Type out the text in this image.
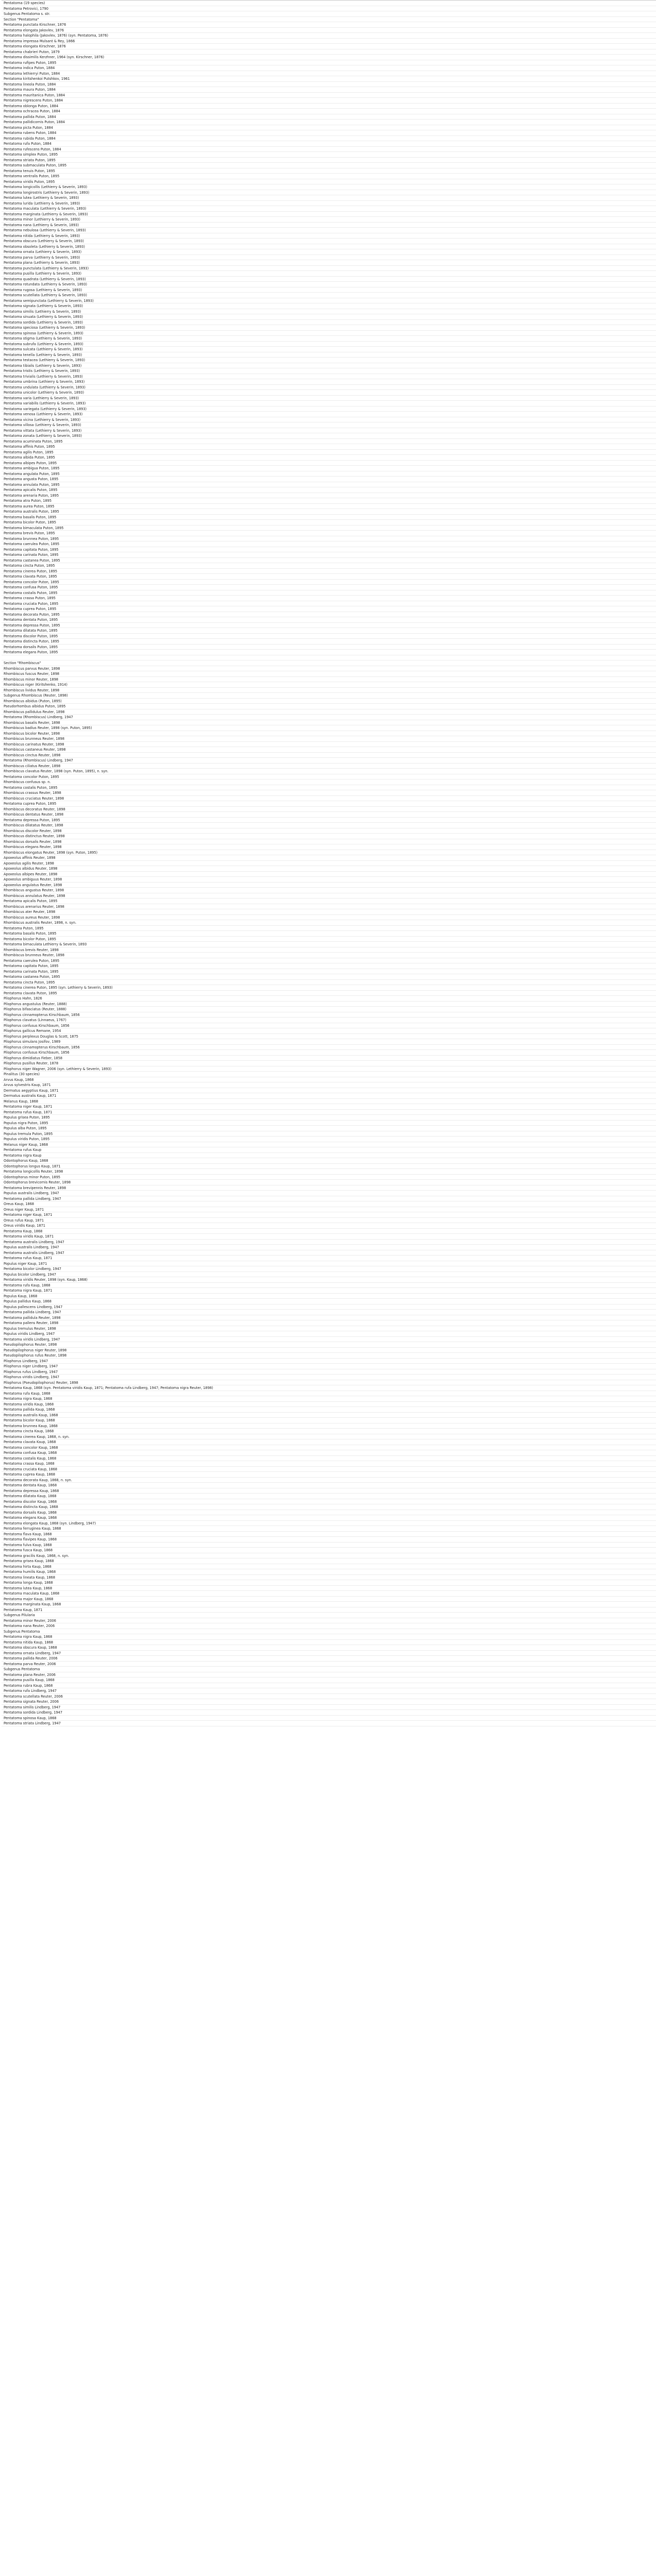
Pentatoma (19 species)
Pentatoma Petrovici, 1790
Subgenus Pentatoma s. str.
Section "Pentatoma"
Pentatoma punctata Kirschner, 1876
Pentatoma elongata Jakovlev, 1876
Pentatoma halophila (Jakovlev, 1876) (syn. Pentatoma, 1876)
Pentatoma impressa Mulsant & Rey, 1866
Pentatoma elongata Kirschner, 1876
Pentatoma chabrieri Puton, 1879
Pentatoma dissimilis Kerzhner, 1964 (syn. Kirschner, 1876)
Pentatoma rufipes Puton, 1895
Pentatoma indica Puton, 1884
Pentatoma lethierryi Puton, 1884
Pentatoma kiritshenkoi Putshkov, 1961
Pentatoma lineola Puton, 1884
Pentatoma maura Puton, 1884
Pentatoma mauritanica Puton, 1884
Pentatoma nigrescens Puton, 1884
Pentatoma oblonga Puton, 1884
Pentatoma ochracea Puton, 1884
Pentatoma pallida Puton, 1884
Pentatoma pallidicornis Puton, 1884
Pentatoma picta Puton, 1884
Pentatoma rubens Puton, 1884
Pentatoma rubida Puton, 1884
Pentatoma rufa Puton, 1884
Pentatoma rufescens Puton, 1884
Pentatoma simplex Puton, 1895
Pentatoma striata Puton, 1895
Pentatoma submaculata Puton, 1895
Pentatoma tenuis Puton, 1895
Pentatoma ventralis Puton, 1895
Pentatoma viridis Puton, 1895
Pentatoma longicollis (Lethierry & Severin, 1893)
Pentatoma longirostris (Lethierry & Severin, 1893)
Pentatoma lutea (Lethierry & Severin, 1893)
Pentatoma lurida (Lethierry & Severin, 1893)
Pentatoma maculata (Lethierry & Severin, 1893)
Pentatoma marginata (Lethierry & Severin, 1893)
Pentatoma minor (Lethierry & Severin, 1893)
Pentatoma nana (Lethierry & Severin, 1893)
Pentatoma nebulosa (Lethierry & Severin, 1893)
Pentatoma nitida (Lethierry & Severin, 1893)
Pentatoma obscura (Lethierry & Severin, 1893)
Pentatoma obsoleta (Lethierry & Severin, 1893)
Pentatoma ornata (Lethierry & Severin, 1893)
Pentatoma parva (Lethierry & Severin, 1893)
Pentatoma plana (Lethierry & Severin, 1893)
Pentatoma punctulata (Lethierry & Severin, 1893)
Pentatoma pusilla (Lethierry & Severin, 1893)
Pentatoma quadrata (Lethierry & Severin, 1893)
Pentatoma rotundata (Lethierry & Severin, 1893)
Pentatoma rugosa (Lethierry & Severin, 1893)
Pentatoma scutellata (Lethierry & Severin, 1893)
Pentatoma semipunctata (Lethierry & Severin, 1893)
Pentatoma signata (Lethierry & Severin, 1893)
Pentatoma similis (Lethierry & Severin, 1893)
Pentatoma sinuata (Lethierry & Severin, 1893)
Pentatoma sordida (Lethierry & Severin, 1893)
Pentatoma speciosa (Lethierry & Severin, 1893)
Pentatoma spinosa (Lethierry & Severin, 1893)
Pentatoma stigma (Lethierry & Severin, 1893)
Pentatoma subrufa (Lethierry & Severin, 1893)
Pentatoma sulcata (Lethierry & Severin, 1893)
Pentatoma tenella (Lethierry & Severin, 1893)
Pentatoma testacea (Lethierry & Severin, 1893)
Pentatoma tibialis (Lethierry & Severin, 1893)
Pentatoma tristis (Lethierry & Severin, 1893)
Pentatoma trivialis (Lethierry & Severin, 1893)
Pentatoma umbrina (Lethierry & Severin, 1893)
Pentatoma undulata (Lethierry & Severin, 1893)
Pentatoma unicolor (Lethierry & Severin, 1893)
Pentatoma varia (Lethierry & Severin, 1893)
Pentatoma variabilis (Lethierry & Severin, 1893)
Pentatoma variegata (Lethierry & Severin, 1893)
Pentatoma venosa (Lethierry & Severin, 1893)
Pentatoma vicina (Lethierry & Severin, 1893)
Pentatoma villosa (Lethierry & Severin, 1893)
Pentatoma vittata (Lethierry & Severin, 1893)
Pentatoma zonata (Lethierry & Severin, 1893)
Pentatoma acuminata Puton, 1895
Pentatoma affinis Puton, 1895
Pentatoma agilis Puton, 1895
Pentatoma albida Puton, 1895
Pentatoma albipes Puton, 1895
Pentatoma ambigua Puton, 1895
Pentatoma angulata Puton, 1895
Pentatoma angusta Puton, 1895
Pentatoma annulata Puton, 1895
Pentatoma apicalis Puton, 1895
Pentatoma arenaria Puton, 1895
Pentatoma atra Puton, 1895
Pentatoma aurea Puton, 1895
Pentatoma australis Puton, 1895
Pentatoma basalis Puton, 1895
Pentatoma bicolor Puton, 1895
Pentatoma bimaculata Puton, 1895
Pentatoma brevis Puton, 1895
Pentatoma brunnea Puton, 1895
Pentatoma caerulea Puton, 1895
Pentatoma capitata Puton, 1895
Pentatoma carinata Puton, 1895
Pentatoma castanea Puton, 1895
Pentatoma cincta Puton, 1895
Pentatoma cinerea Puton, 1895
Pentatoma clavata Puton, 1895
Pentatoma concolor Puton, 1895
Pentatoma confusa Puton, 1895
Pentatoma costalis Puton, 1895
Pentatoma crassa Puton, 1895
Pentatoma cruciata Puton, 1895
Pentatoma cuprea Puton, 1895
Pentatoma decorata Puton, 1895
Pentatoma dentata Puton, 1895
Pentatoma depressa Puton, 1895
Pentatoma dilatata Puton, 1895
Pentatoma discolor Puton, 1895
Pentatoma distincta Puton, 1895
Pentatoma dorsalis Puton, 1895
Pentatoma elegans Puton, 1895
Section "Rhombiscus"
Rhombiscus parvus Reuter, 1898
Rhombiscus fuscus Reuter, 1898
Rhombiscus minor Reuter, 1898
Rhombiscus niger (Kiritshenko, 1914)
Rhombiscus lividus Reuter, 1898
Subgenus Rhombiscus (Reuter, 1898)
Rhombiscus albidus (Puton, 1895)
Pseudorhombus albidus Puton, 1895
Rhombiscus pallidulus Reuter, 1898
Pentatoma (Rhombiscus) Lindberg, 1947
Rhombiscus basalis Reuter, 1898
Rhombiscus badius Reuter, 1898 (syn. Puton, 1895)
Rhombiscus bicolor Reuter, 1898
Rhombiscus brunneus Reuter, 1898
Rhombiscus carinatus Reuter, 1898
Rhombiscus castaneus Reuter, 1898
Rhombiscus cinctus Reuter, 1898
Pentatoma (Rhombiscus) Lindberg, 1947
Rhombiscus ciliatus Reuter, 1898
Rhombiscus clavatus Reuter, 1898 (syn. Puton, 1895), n. syn.
Pentatoma concolor Puton, 1895
Rhombiscus confusus sp. n.
Pentatoma costalis Puton, 1895
Rhombiscus crassus Reuter, 1898
Rhombiscus cruciatus Reuter, 1898
Pentatoma cuprea Puton, 1895
Rhombiscus decoratus Reuter, 1898
Rhombiscus dentatus Reuter, 1898
Pentatoma depressa Puton, 1895
Rhombiscus dilatatus Reuter, 1898
Rhombiscus discolor Reuter, 1898
Rhombiscus distinctus Reuter, 1898
Rhombiscus dorsalis Reuter, 1898
Rhombiscus elegans Reuter, 1898
Rhombiscus elongatus Reuter, 1898 (syn. Puton, 1895)
Apoxeolus affinis Reuter, 1898
Apoxeolus agilis Reuter, 1898
Apoxeolus albidus Reuter, 1898
Apoxeolus albipes Reuter, 1898
Apoxeolus ambiguus Reuter, 1898
Apoxeolus angulatus Reuter, 1898
Rhombiscus angustus Reuter, 1898
Rhombiscus annulatus Reuter, 1898
Pentatoma apicalis Puton, 1895
Rhombiscus arenarius Reuter, 1898
Rhombiscus ater Reuter, 1898
Rhombiscus aureus Reuter, 1898
Rhombiscus australis Reuter, 1898, n. syn.
Pentatoma Puton, 1895
Pentatoma basalis Puton, 1895
Pentatoma bicolor Puton, 1895
Pentatoma bimaculata Lethierry & Severin, 1893
Rhombiscus brevis Reuter, 1898
Rhombiscus brunneus Reuter, 1898
Pentatoma caerulea Puton, 1895
Pentatoma capitata Puton, 1895
Pentatoma carinata Puton, 1895
Pentatoma castanea Puton, 1895
Pentatoma cincta Puton, 1895
Pentatoma cinerea Puton, 1895 (syn. Lethierry & Severin, 1893)
Pentatoma clavata Puton, 1895
Pilophorus Hahn, 1826
Pilophorus angustulus (Reuter, 1888)
Pilophorus bifasciatus (Reuter, 1888)
Pilophorus cinnamopterus Kirschbaum, 1856
Pilophorus clavatus (Linnaeus, 1767)
Pilophorus confusus Kirschbaum, 1856
Pilophorus gallicus Remane, 1954
Pilophorus perplexus Douglas & Scott, 1875
Pilophorus simulans Josifov, 1989
Pilophorus cinnamopterus Kirschbaum, 1856
Pilophorus confusus Kirschbaum, 1856
Pilophorus dimidiatus Fieber, 1858
Pilophorus pusillus Reuter, 1878
Pilophorus niger Wagner, 2006 (syn. Lethierry & Severin, 1893)
Pinalitus (30 species)
Arvus Kaup, 1868
Arvus sylvestris Kaup, 1871
Dermatus aegyptius Kaup, 1871
Dermatus australis Kaup, 1871
Melanus Kaup, 1868
Pentatoma niger Kaup, 1871
Pentatoma rufus Kaup, 1871
Populus grisea Puton, 1895
Populus nigra Puton, 1895
Populus alba Puton, 1895
Populus tremula Puton, 1895
Populus viridis Puton, 1895
Melanus niger Kaup, 1868
Pentatoma rufus Kaup
Pentatoma nigra Kaup
Odontophorus Kaup, 1868
Odontophorus longus Kaup, 1871
Pentatoma longicollis Reuter, 1898
Odontophorus minor Puton, 1895
Odontophorus brevicornis Reuter, 1898
Pentatoma brevipennis Reuter, 1898
Populus australis Lindberg, 1947
Pentatoma pallida Lindberg, 1947
Oreus Kaup, 1868
Oreus niger Kaup, 1871
Pentatoma niger Kaup, 1871
Oreus rufus Kaup, 1871
Oreus viridis Kaup, 1871
Pentatoma Kaup, 1868
Pentatoma viridis Kaup, 1871
Pentatoma australis Lindberg, 1947
Populus australis Lindberg, 1947
Pentatoma australis Lindberg, 1947
Pentatoma rufus Kaup, 1871
Populus niger Kaup, 1871
Pentatoma bicolor Lindberg, 1947
Populus bicolor Lindberg, 1947
Pentatoma viridis Reuter, 1898 (syn. Kaup, 1868)
Pentatoma rufa Kaup, 1868
Pentatoma nigra Kaup, 1871
Populus Kaup, 1868
Populus pallidus Kaup, 1868
Populus pallescens Lindberg, 1947
Pentatoma pallida Lindberg, 1947
Pentatoma pallidula Reuter, 1898
Pentatoma pallens Reuter, 1898
Populus tremulus Reuter, 1898
Populus viridis Lindberg, 1947
Pentatoma viridis Lindberg, 1947
Pseudopilophorus Reuter, 1898
Pseudopilophorus niger Reuter, 1898
Pseudopilophorus rufus Reuter, 1898
Pilophorus Lindberg, 1947
Pilophorus niger Lindberg, 1947
Pilophorus rufus Lindberg, 1947
Pilophorus viridis Lindberg, 1947
Pilophorus (Pseudopilophorus) Reuter, 1898
Pentatoma Kaup, 1868 (syn. Pentatoma viridis Kaup, 1871; Pentatoma rufa Lindberg, 1947; Pentatoma nigra Reuter, 1898)
Pentatoma rufa Kaup, 1868
Pentatoma nigra Kaup, 1868
Pentatoma viridis Kaup, 1868
Pentatoma pallida Kaup, 1868
Pentatoma australis Kaup, 1868
Pentatoma bicolor Kaup, 1868
Pentatoma brunnea Kaup, 1868
Pentatoma cincta Kaup, 1868
Pentatoma cinerea Kaup, 1868, n. syn.
Pentatoma clavata Kaup, 1868
Pentatoma concolor Kaup, 1868
Pentatoma confusa Kaup, 1868
Pentatoma costalis Kaup, 1868
Pentatoma crassa Kaup, 1868
Pentatoma cruciata Kaup, 1868
Pentatoma cuprea Kaup, 1868
Pentatoma decorata Kaup, 1868, n. syn.
Pentatoma dentata Kaup, 1868
Pentatoma depressa Kaup, 1868
Pentatoma dilatata Kaup, 1868
Pentatoma discolor Kaup, 1868
Pentatoma distincta Kaup, 1868
Pentatoma dorsalis Kaup, 1868
Pentatoma elegans Kaup, 1868
Pentatoma elongata Kaup, 1868 (syn. Lindberg, 1947)
Pentatoma ferruginea Kaup, 1868
Pentatoma flava Kaup, 1868
Pentatoma flavipes Kaup, 1868
Pentatoma fulva Kaup, 1868
Pentatoma fusca Kaup, 1868
Pentatoma gracilis Kaup, 1868, n. syn.
Pentatoma grisea Kaup, 1868
Pentatoma hirta Kaup, 1868
Pentatoma humilis Kaup, 1868
Pentatoma lineata Kaup, 1868
Pentatoma longa Kaup, 1868
Pentatoma lutea Kaup, 1868
Pentatoma maculata Kaup, 1868
Pentatoma major Kaup, 1868
Pentatoma marginata Kaup, 1868
Pentatoma Kaup, 1871
Subgenus Pilularia
Pentatoma minor Reuter, 2006
Pentatoma nana Reuter, 2006
Subgenus Pentatoma
Pentatoma nigra Kaup, 1868
Pentatoma nitida Kaup, 1868
Pentatoma obscura Kaup, 1868
Pentatoma ornata Lindberg, 1947
Pentatoma pallida Reuter, 2006
Pentatoma parva Reuter, 2006
Subgenus Pentatoma
Pentatoma plana Reuter, 2006
Pentatoma pusilla Kaup, 1868
Pentatoma rubra Kaup, 1868
Pentatoma rufa Lindberg, 1947
Pentatoma scutellata Reuter, 2006
Pentatoma signata Reuter, 2006
Pentatoma similis Lindberg, 1947
Pentatoma sordida Lindberg, 1947
Pentatoma spinosa Kaup, 1868
Pentatoma striata Lindberg, 1947
